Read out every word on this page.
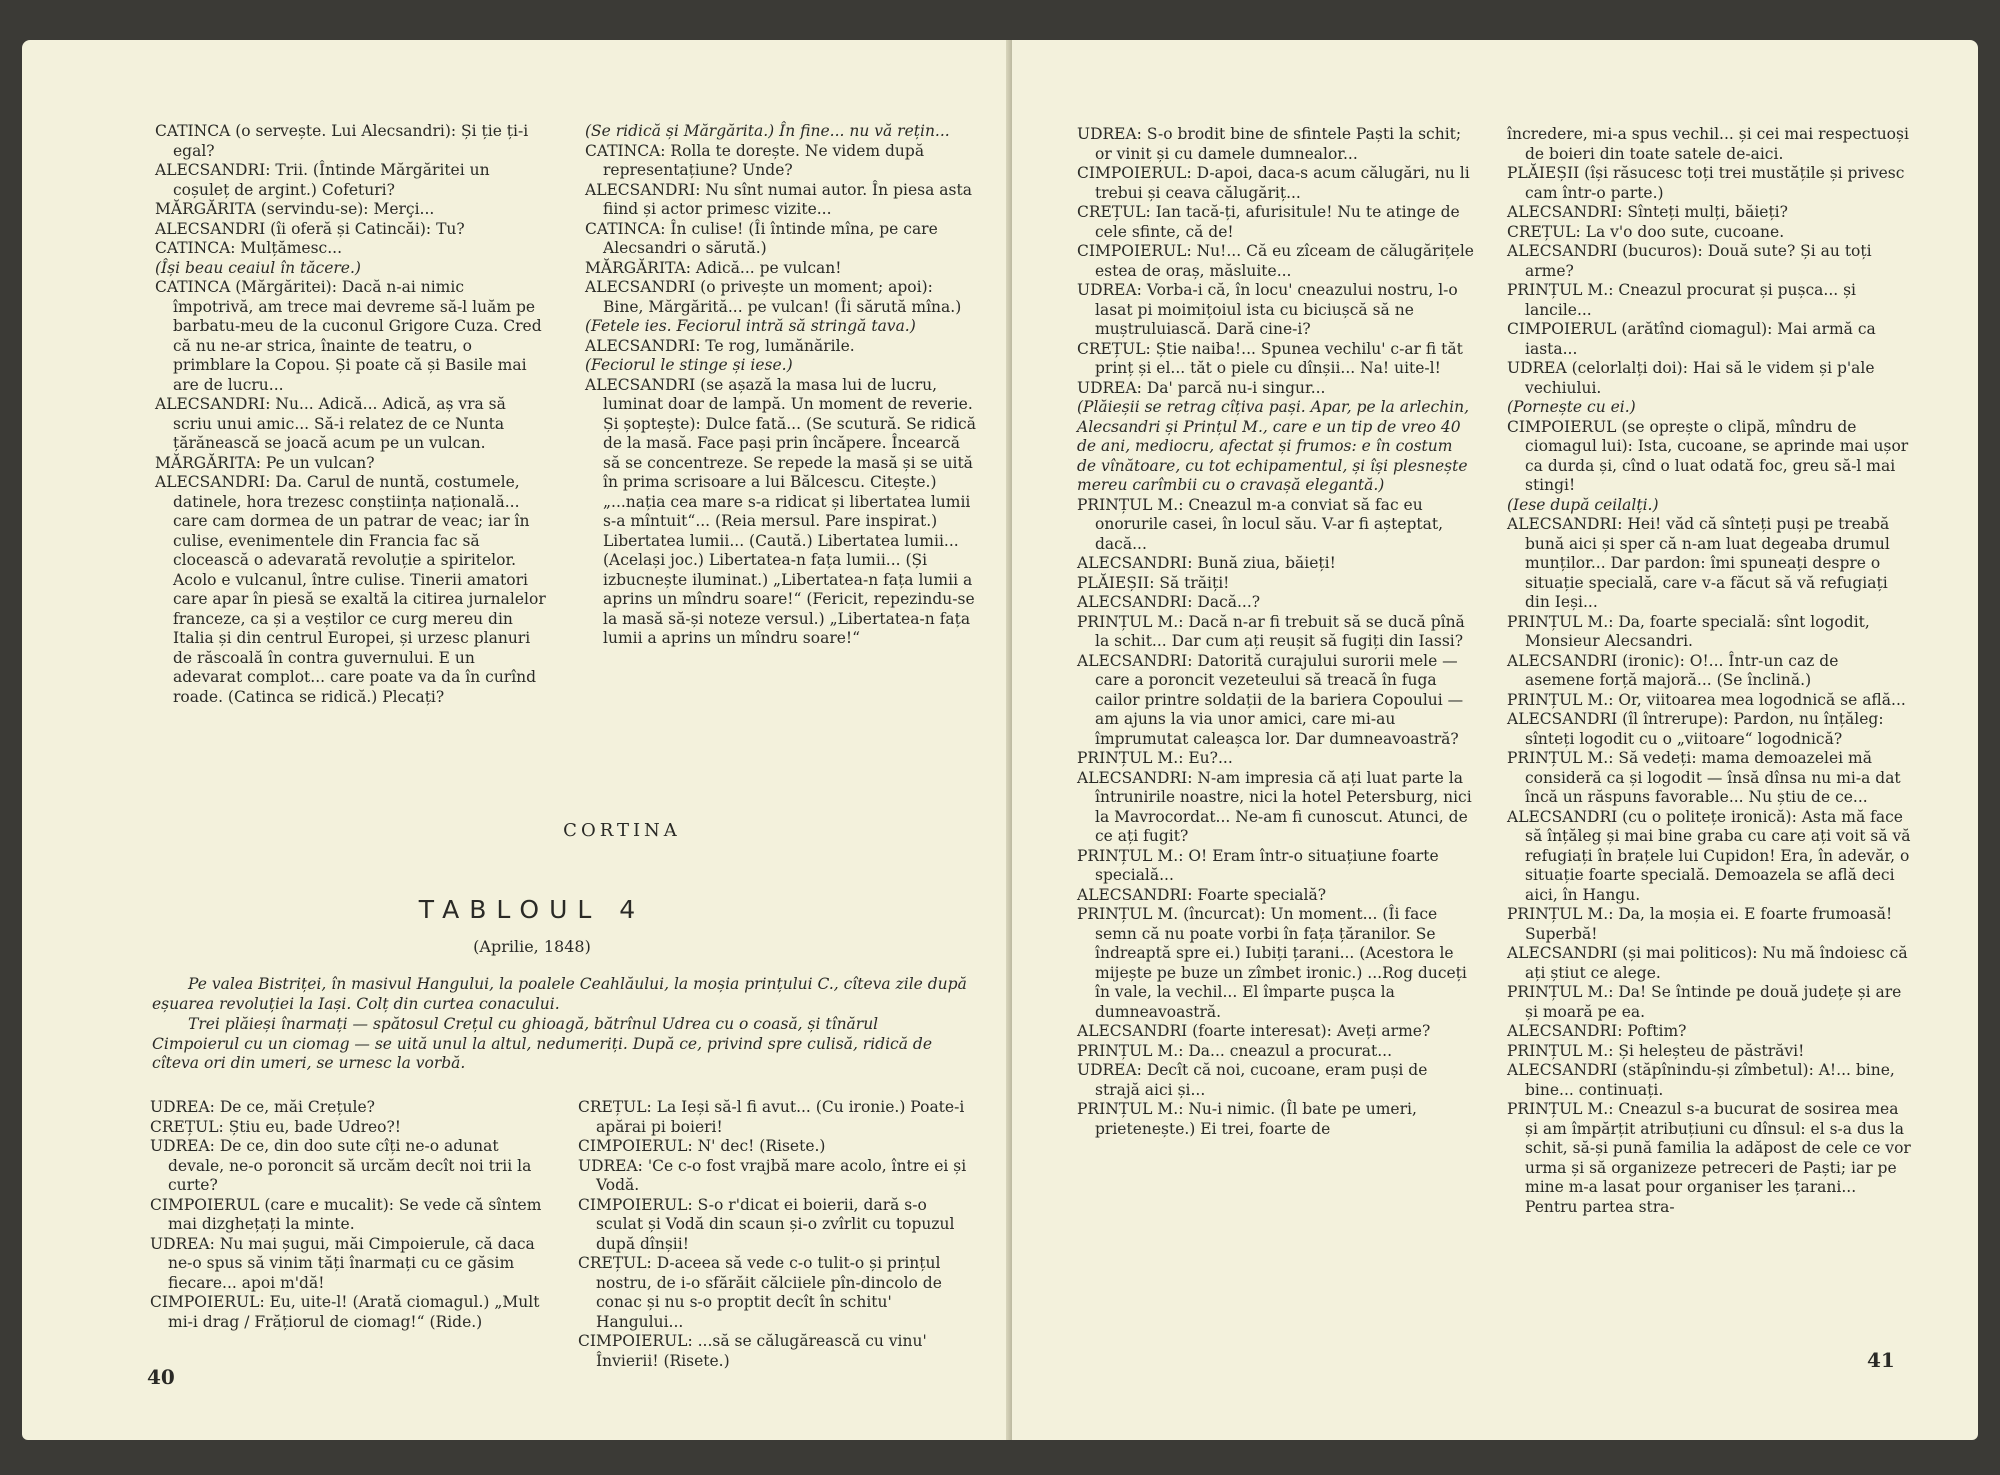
CATINCA (o servește. Lui Alecsandri): Și ție ți-i egal?

ALECSANDRI: Trii. (Întinde Mărgăritei un coșuleț de argint.) Cofeturi?

MĂRGĂRITA (servindu-se): Merçi...

ALECSANDRI (îi oferă și Catincăi): Tu?

CATINCA: Mulțămesc...

(Își beau ceaiul în tăcere.)

CATINCA (Mărgăritei): Dacă n-ai nimic împotrivă, am trece mai devreme să-l luăm pe barbatu-meu de la cuconul Grigore Cuza. Cred că nu ne-ar strica, înainte de teatru, o primblare la Copou. Și poate că și Basile mai are de lucru...

ALECSANDRI: Nu... Adică... Adică, aș vra să scriu unui amic... Să-i relatez de ce Nunta țărănească se joacă acum pe un vulcan.

MĂRGĂRITA: Pe un vulcan?

ALECSANDRI: Da. Carul de nuntă, costumele, datinele, hora trezesc conștiința națională... care cam dormea de un patrar de veac; iar în culise, evenimentele din Francia fac să clocească o adevarată revoluție a spiritelor. Acolo e vulcanul, între culise. Tinerii amatori care apar în piesă se exaltă la citirea jurnalelor franceze, ca și a veștilor ce curg mereu din Italia și din centrul Europei, și urzesc planuri de răscoală în contra guvernului. E un adevarat complot... care poate va da în curînd roade. (Catinca se ridică.) Plecați?

(Se ridică și Mărgărita.) În fine... nu vă rețin...

CATINCA: Rolla te dorește. Ne videm după representațiune? Unde?

ALECSANDRI: Nu sînt numai autor. În piesa asta fiind și actor primesc vizite...

CATINCA: În culise! (Îi întinde mîna, pe care Alecsandri o sărută.)

MĂRGĂRITA: Adică... pe vulcan!

ALECSANDRI (o privește un moment; apoi): Bine, Mărgărită... pe vulcan! (Îi sărută mîna.)

(Fetele ies. Feciorul intră să stringă tava.)

ALECSANDRI: Te rog, lumănările.

(Feciorul le stinge și iese.)

ALECSANDRI (se așază la masa lui de lucru, luminat doar de lampă. Un moment de reverie. Și șoptește): Dulce fată... (Se scutură. Se ridică de la masă. Face pași prin încăpere. Încearcă să se concentreze. Se repede la masă și se uită în prima scrisoare a lui Bălcescu. Citește.) „...nația cea mare s-a ridicat și libertatea lumii s-a mîntuit“... (Reia mersul. Pare inspirat.) Libertatea lumii... (Caută.) Libertatea lumii... (Același joc.) Libertatea-n fața lumii... (Și izbucnește iluminat.) „Libertatea-n fața lumii a aprins un mîndru soare!“ (Fericit, repezindu-se la masă să-și noteze versul.) „Libertatea-n fața lumii a aprins un mîndru soare!“

CORTINA
TABLOUL 4
(Aprilie, 1848)
Pe valea Bistriței, în masivul Hangului, la poalele Ceahlăului, la moșia prințului C., cîteva zile după eșuarea revoluției la Iași. Colț din curtea conacului.
Trei plăieși înarmați — spătosul Crețul cu ghioagă, bătrînul Udrea cu o coasă, și tînărul Cimpoierul cu un ciomag — se uită unul la altul, nedumeriți. După ce, privind spre culisă, ridică de cîteva ori din umeri, se urnesc la vorbă.

UDREA: De ce, măi Crețule?

CREȚUL: Știu eu, bade Udreo?!

UDREA: De ce, din doo sute cîți ne-o adunat devale, ne-o poroncit să urcăm decît noi trii la curte?

CIMPOIERUL (care e mucalit): Se vede că sîntem mai dizghețați la minte.

UDREA: Nu mai șugui, măi Cimpoierule, că daca ne-o spus să vinim tăți înarmați cu ce găsim fiecare... apoi m'dă!

CIMPOIERUL: Eu, uite-l! (Arată ciomagul.) „Mult mi-i drag / Frățiorul de ciomag!“ (Ride.)

CREȚUL: La Ieși să-l fi avut... (Cu ironie.) Poate-i apărai pi boieri!

CIMPOIERUL: N' dec! (Risete.)

UDREA: 'Ce c-o fost vrajbă mare acolo, între ei și Vodă.

CIMPOIERUL: S-o r'dicat ei boierii, dară s-o sculat și Vodă din scaun și-o zvîrlit cu topuzul după dînșii!

CREȚUL: D-aceea să vede c-o tulit-o și prințul nostru, de i-o sfărăit călciiele pîn-dincolo de conac și nu s-o proptit decît în schitu' Hangului...

CIMPOIERUL: ...să se călugărească cu vinu' Învierii! (Risete.)

40

UDREA: S-o brodit bine de sfintele Paști la schit; or vinit și cu damele dumnealor...

CIMPOIERUL: D-apoi, daca-s acum călugări, nu li trebui și ceava călugăriț...

CREȚUL: Ian tacă-ți, afurisitule! Nu te atinge de cele sfinte, că de!

CIMPOIERUL: Nu!... Că eu zîceam de călugărițele estea de oraș, măsluite...

UDREA: Vorba-i că, în locu' cneazului nostru, l-o lasat pi moimițoiul ista cu biciușcă să ne muștruluiască. Dară cine-i?

CREȚUL: Știe naiba!... Spunea vechilu' c-ar fi tăt prinț și el... tăt o piele cu dînșii... Na! uite-l!

UDREA: Da' parcă nu-i singur...

(Plăieșii se retrag cîțiva pași. Apar, pe la arlechin, Alecsandri și Prințul M., care e un tip de vreo 40 de ani, mediocru, afectat și frumos: e în costum de vînătoare, cu tot echipamentul, și își plesnește mereu carîmbii cu o cravașă elegantă.)

PRINȚUL M.: Cneazul m-a conviat să fac eu onorurile casei, în locul său. V-ar fi așteptat, dacă...

ALECSANDRI: Bună ziua, băieți!

PLĂIEȘII: Să trăiți!

ALECSANDRI: Dacă...?

PRINȚUL M.: Dacă n-ar fi trebuit să se ducă pînă la schit... Dar cum ați reușit să fugiți din Iassi?

ALECSANDRI: Datorită curajului surorii mele — care a poroncit vezeteului să treacă în fuga cailor printre soldații de la bariera Copoului — am ajuns la via unor amici, care mi-au împrumutat caleașca lor. Dar dumneavoastră?

PRINȚUL M.: Eu?...

ALECSANDRI: N-am impresia că ați luat parte la întrunirile noastre, nici la hotel Petersburg, nici la Mavrocordat... Ne-am fi cunoscut. Atunci, de ce ați fugit?

PRINȚUL M.: O! Eram într-o situațiune foarte specială...

ALECSANDRI: Foarte specială?

PRINȚUL M. (încurcat): Un moment... (Îi face semn că nu poate vorbi în fața țăranilor. Se îndreaptă spre ei.) Iubiți țarani... (Acestora le mijește pe buze un zîmbet ironic.) ...Rog duceți în vale, la vechil... El împarte pușca la dumneavoastră.

ALECSANDRI (foarte interesat): Aveți arme?

PRINȚUL M.: Da... cneazul a procurat...

UDREA: Decît că noi, cucoane, eram puși de strajă aici și...

PRINȚUL M.: Nu-i nimic. (Îl bate pe umeri, prietenește.) Ei trei, foarte de

încredere, mi-a spus vechil... și cei mai respectuoși de boieri din toate satele de-aici.

PLĂIEȘII (își răsucesc toți trei mustățile și privesc cam într-o parte.)

ALECSANDRI: Sînteți mulți, băieți?

CREȚUL: La v'o doo sute, cucoane.

ALECSANDRI (bucuros): Două sute? Și au toți arme?

PRINȚUL M.: Cneazul procurat și pușca... și lancile...

CIMPOIERUL (arătînd ciomagul): Mai armă ca iasta...

UDREA (celorlalți doi): Hai să le videm și p'ale vechiului.

(Pornește cu ei.)

CIMPOIERUL (se oprește o clipă, mîndru de ciomagul lui): Ista, cucoane, se aprinde mai ușor ca durda și, cînd o luat odată foc, greu să-l mai stingi!

(Iese după ceilalți.)

ALECSANDRI: Hei! văd că sînteți puși pe treabă bună aici și sper că n-am luat degeaba drumul munților... Dar pardon: îmi spuneați despre o situație specială, care v-a făcut să vă refugiați din Ieși...

PRINȚUL M.: Da, foarte specială: sînt logodit, Monsieur Alecsandri.

ALECSANDRI (ironic): O!... Într-un caz de asemene forță majoră... (Se înclină.)

PRINȚUL M.: Or, viitoarea mea logodnică se află...

ALECSANDRI (îl întrerupe): Pardon, nu înțăleg: sînteți logodit cu o „viitoare“ logodnică?

PRINȚUL M.: Să vedeți: mama demoazelei mă consideră ca și logodit — însă dînsa nu mi-a dat încă un răspuns favorable... Nu știu de ce...

ALECSANDRI (cu o politețe ironică): Asta mă face să înțăleg și mai bine graba cu care ați voit să vă refugiați în brațele lui Cupidon! Era, în adevăr, o situație foarte specială. Demoazela se află deci aici, în Hangu.

PRINȚUL M.: Da, la moșia ei. E foarte frumoasă! Superbă!

ALECSANDRI (și mai politicos): Nu mă îndoiesc că ați știut ce alege.

PRINȚUL M.: Da! Se întinde pe două județe și are și moară pe ea.

ALECSANDRI: Poftim?

PRINȚUL M.: Și heleșteu de păstrăvi!

ALECSANDRI (stăpînindu-și zîmbetul): A!... bine, bine... continuați.

PRINȚUL M.: Cneazul s-a bucurat de sosirea mea și am împărțit atribuțiuni cu dînsul: el s-a dus la schit, să-și pună familia la adăpost de cele ce vor urma și să organizeze petreceri de Paști; iar pe mine m-a lasat pour organiser les țarani... Pentru partea stra-

41
